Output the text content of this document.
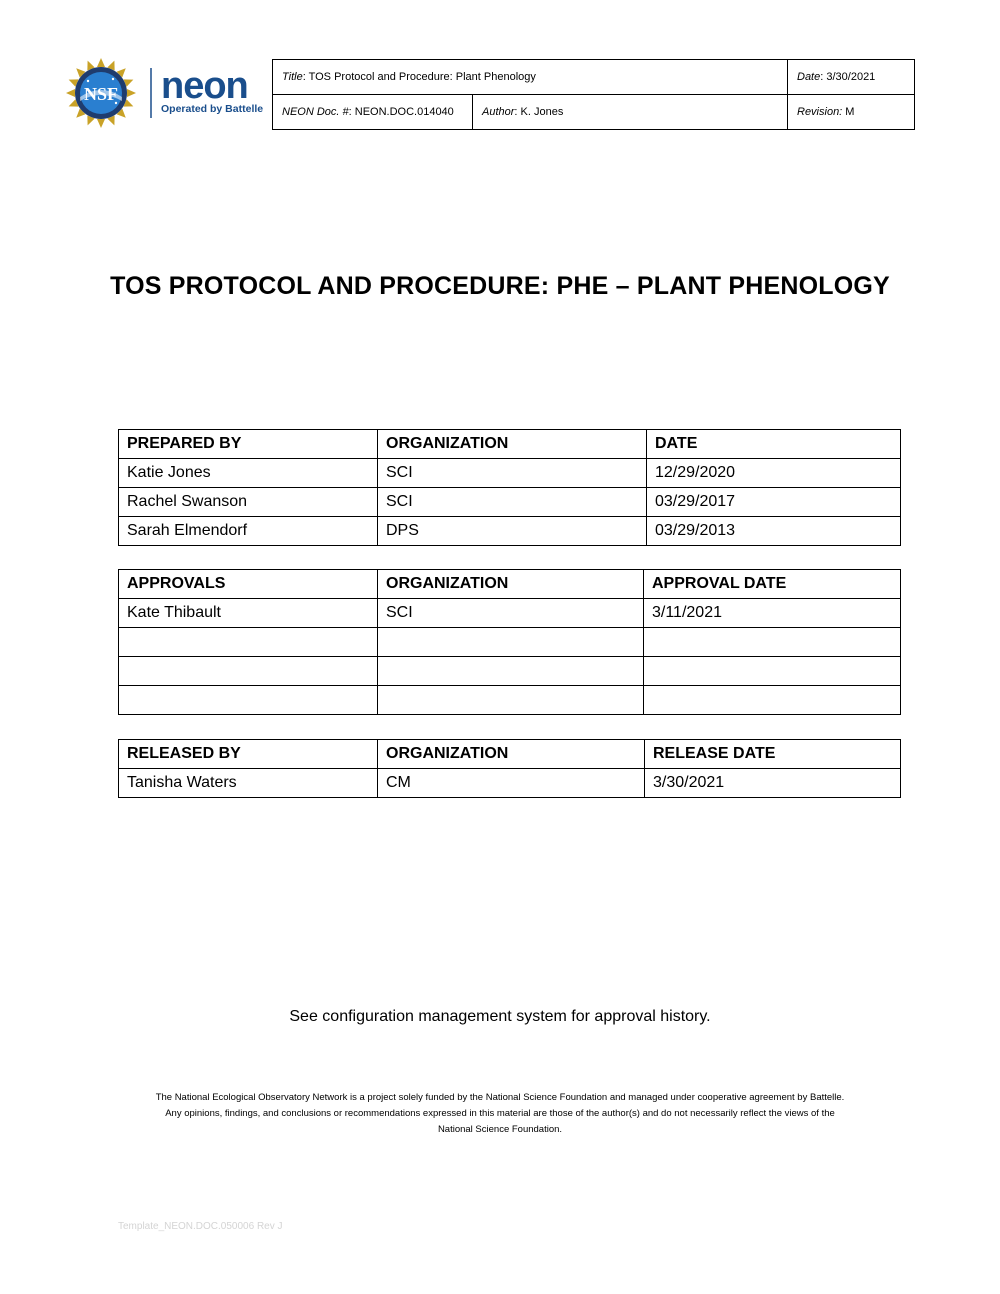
NSF neon
Operated by Battelle
Title: TOS Protocol and Procedure: Plant Phenology		Date: 3/30/2021
NEON Doc. #: NEON.DOC.014040	Author: K. Jones	Revision: M
TOS PROTOCOL AND PROCEDURE: PHE – PLANT PHENOLOGY
PREPARED BY	ORGANIZATION	DATE
Katie Jones	SCI	12/29/2020
Rachel Swanson	SCI	03/29/2017
Sarah Elmendorf	DPS	03/29/2013
APPROVALS	ORGANIZATION	APPROVAL DATE
Kate Thibault	SCI	3/11/2021

RELEASED BY	ORGANIZATION	RELEASE DATE
Tanisha Waters	CM	3/30/2021
See configuration management system for approval history.
The National Ecological Observatory Network is a project solely funded by the National Science Foundation and managed under cooperative agreement by Battelle.
Any opinions, findings, and conclusions or recommendations expressed in this material are those of the author(s) and do not necessarily reflect the views of the
National Science Foundation.
Template_NEON.DOC.050006 Rev J
